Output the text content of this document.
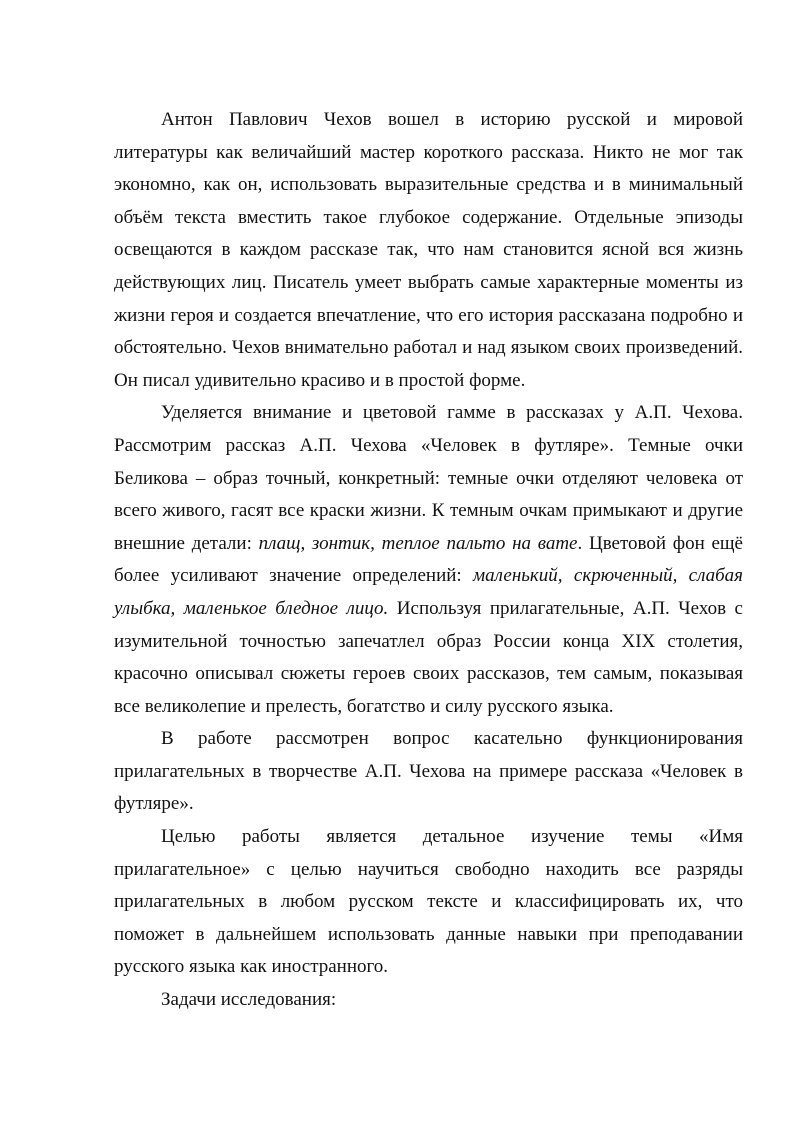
Антон Павлович Чехов вошел в историю русской и мировой литературы как величайший мастер короткого рассказа. Никто не мог так экономно, как он, использовать выразительные средства и в минимальный объём текста вместить такое глубокое содержание. Отдельные эпизоды освещаются в каждом рассказе так, что нам становится ясной вся жизнь действующих лиц. Писатель умеет выбрать самые характерные моменты из жизни героя и создается впечатление, что его история рассказана подробно и обстоятельно. Чехов внимательно работал и над языком своих произведений. Он писал удивительно красиво и в простой форме.

Уделяется внимание и цветовой гамме в рассказах у А.П. Чехова. Рассмотрим рассказ А.П. Чехова «Человек в футляре». Темные очки Беликова – образ точный, конкретный: темные очки отделяют человека от всего живого, гасят все краски жизни. К темным очкам примыкают и другие внешние детали: плащ, зонтик, теплое пальто на вате. Цветовой фон ещё более усиливают значение определений: маленький, скрюченный, слабая улыбка, маленькое бледное лицо. Используя прилагательные, А.П. Чехов с изумительной точностью запечатлел образ России конца XIX столетия, красочно описывал сюжеты героев своих рассказов, тем самым, показывая все великолепие и прелесть, богатство и силу русского языка.

В работе рассмотрен вопрос касательно функционирования прилагательных в творчестве А.П. Чехова на примере рассказа «Человек в футляре».

Целью работы является детальное изучение темы «Имя прилагательное» с целью научиться свободно находить все разряды прилагательных в любом русском тексте и классифицировать их, что поможет в дальнейшем использовать данные навыки при преподавании русского языка как иностранного.

Задачи исследования:
